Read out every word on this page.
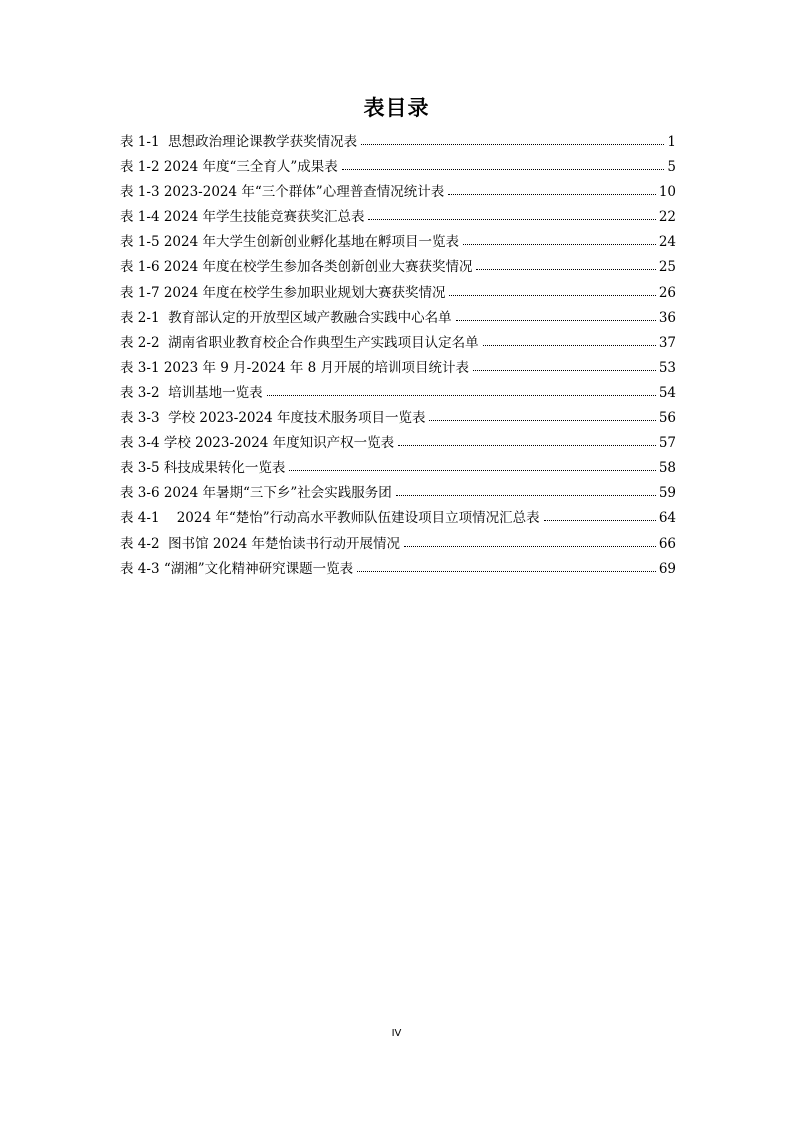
表目录
表 1-1  思想政治理论课教学获奖情况表	1
表 1-2 2024 年度“三全育人”成果表	5
表 1-3 2023-2024 年“三个群体”心理普查情况统计表	10
表 1-4 2024 年学生技能竞赛获奖汇总表	22
表 1-5 2024 年大学生创新创业孵化基地在孵项目一览表	24
表 1-6 2024 年度在校学生参加各类创新创业大赛获奖情况	25
表 1-7 2024 年度在校学生参加职业规划大赛获奖情况	26
表 2-1  教育部认定的开放型区域产教融合实践中心名单	36
表 2-2  湖南省职业教育校企合作典型生产实践项目认定名单	37
表 3-1 2023 年 9 月-2024 年 8 月开展的培训项目统计表	53
表 3-2  培训基地一览表	54
表 3-3  学校 2023-2024 年度技术服务项目一览表	56
表 3-4 学校 2023-2024 年度知识产权一览表	57
表 3-5 科技成果转化一览表	58
表 3-6 2024 年暑期“三下乡”社会实践服务团	59
表 4-1    2024 年“楚怡”行动高水平教师队伍建设项目立项情况汇总表	64
表 4-2  图书馆 2024 年楚怡读书行动开展情况	66
表 4-3 “湖湘”文化精神研究课题一览表	69
IV
